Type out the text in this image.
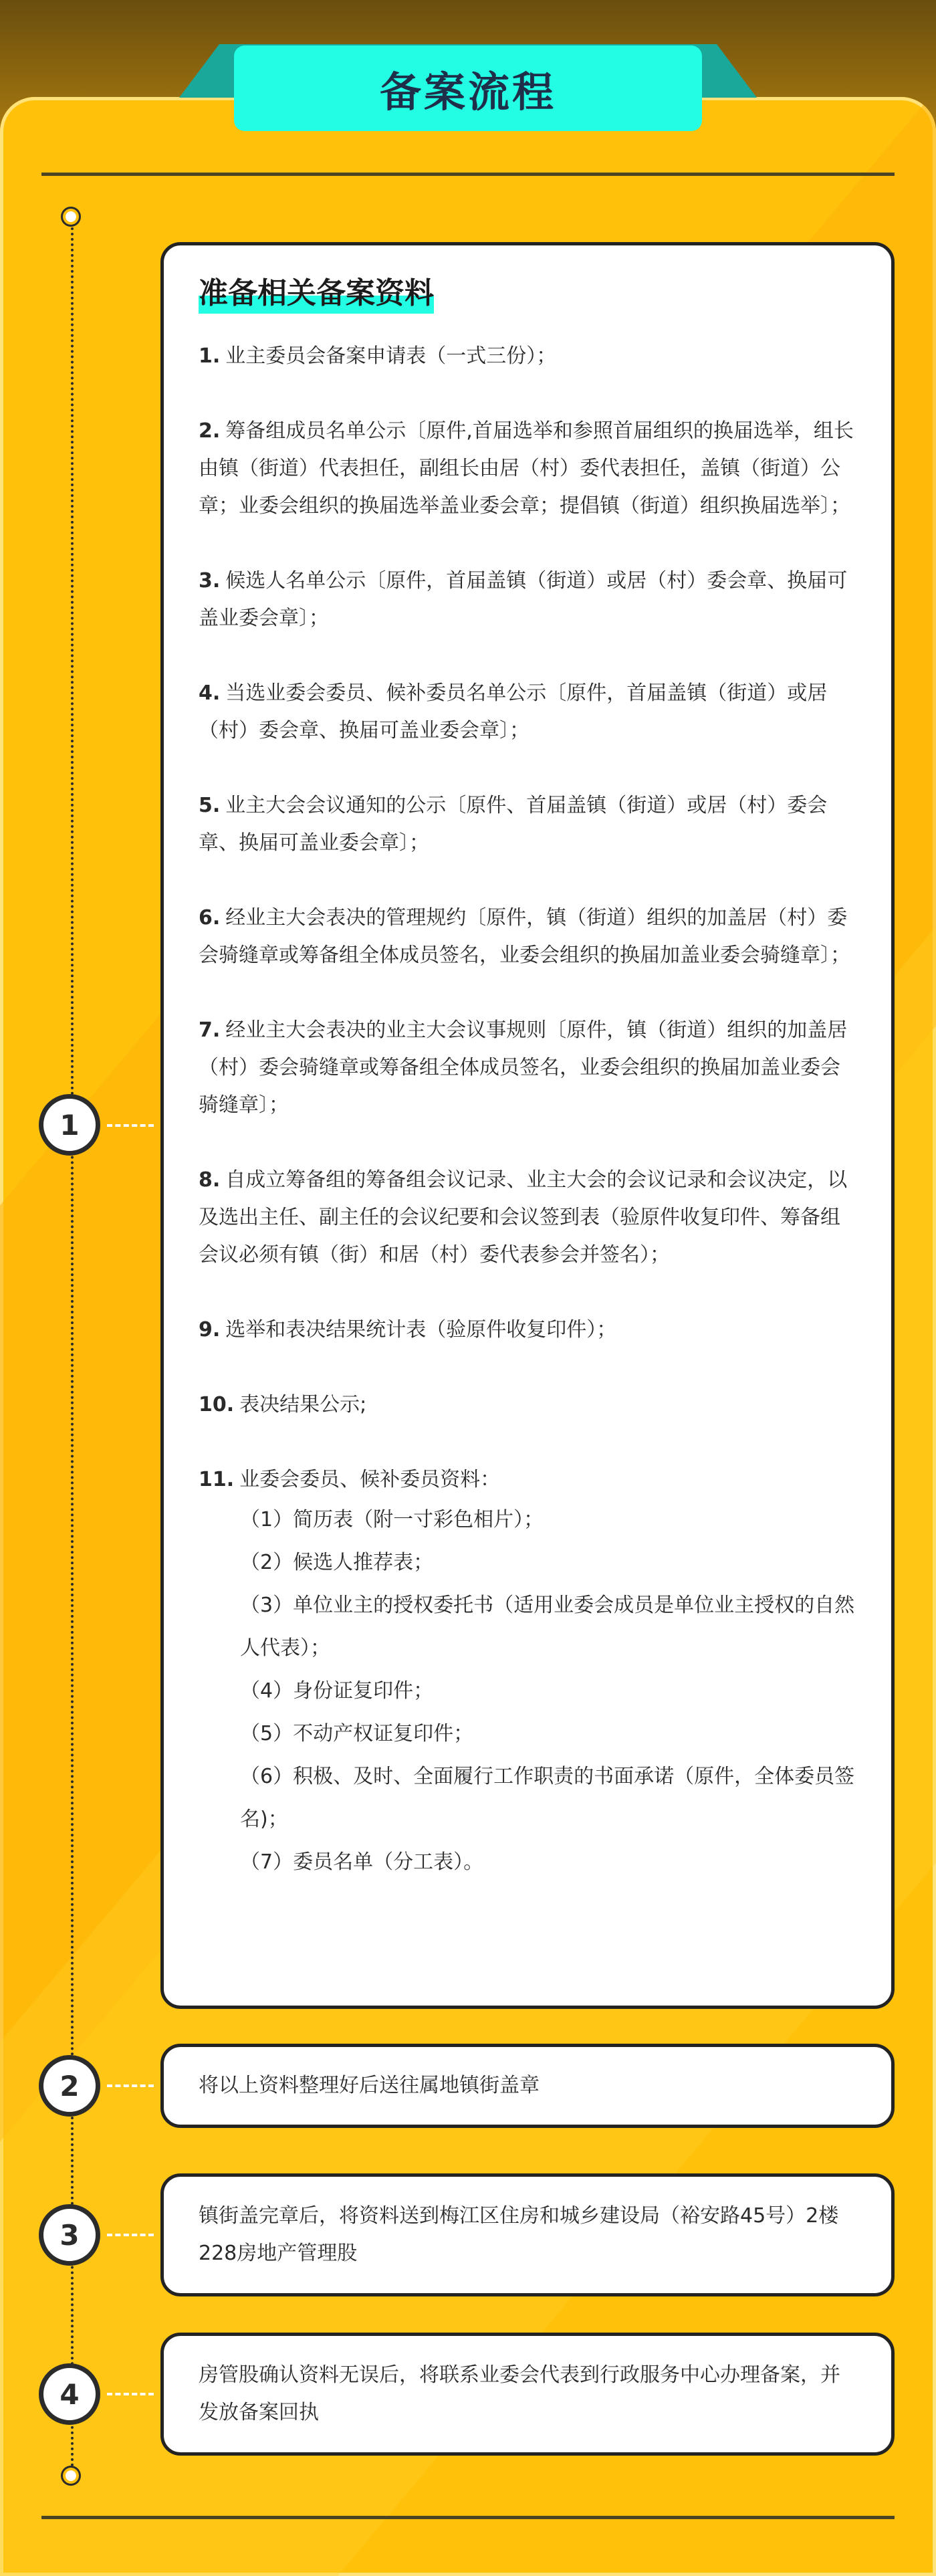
备案流程
1
准备相关备案资料
1. 业主委员会备案申请表（一式三份）；
2. 筹备组成员名单公示〔原件,首届选举和参照首届组织的换届选举，组长由镇（街道）代表担任，副组长由居（村）委代表担任，盖镇（街道）公章；业委会组织的换届选举盖业委会章；提倡镇（街道）组织换届选举〕；
3. 候选人名单公示〔原件，首届盖镇（街道）或居（村）委会章、换届可盖业委会章〕；
4. 当选业委会委员、候补委员名单公示〔原件，首届盖镇（街道）或居（村）委会章、换届可盖业委会章〕；
5. 业主大会会议通知的公示〔原件、首届盖镇（街道）或居（村）委会章、换届可盖业委会章〕；
6. 经业主大会表决的管理规约〔原件，镇（街道）组织的加盖居（村）委会骑缝章或筹备组全体成员签名，业委会组织的换届加盖业委会骑缝章〕；
7. 经业主大会表决的业主大会议事规则〔原件，镇（街道）组织的加盖居（村）委会骑缝章或筹备组全体成员签名，业委会组织的换届加盖业委会骑缝章〕；
8. 自成立筹备组的筹备组会议记录、业主大会的会议记录和会议决定，以及选出主任、副主任的会议纪要和会议签到表（验原件收复印件、筹备组会议必须有镇（街）和居（村）委代表参会并签名）；
9. 选举和表决结果统计表（验原件收复印件）；
10. 表决结果公示;
11. 业委会委员、候补委员资料：
（1）简历表（附一寸彩色相片）；
（2）候选人推荐表；
（3）单位业主的授权委托书（适用业委会成员是单位业主授权的自然人代表）；
（4）身份证复印件；
（5）不动产权证复印件；
（6）积极、及时、全面履行工作职责的书面承诺（原件，全体委员签名)；
（7）委员名单（分工表）。
2	将以上资料整理好后送往属地镇街盖章
3
镇街盖完章后，将资料送到梅江区住房和城乡建设局（裕安路45号）2楼228房地产管理股
4
房管股确认资料无误后，将联系业委会代表到行政服务中心办理备案，并发放备案回执
